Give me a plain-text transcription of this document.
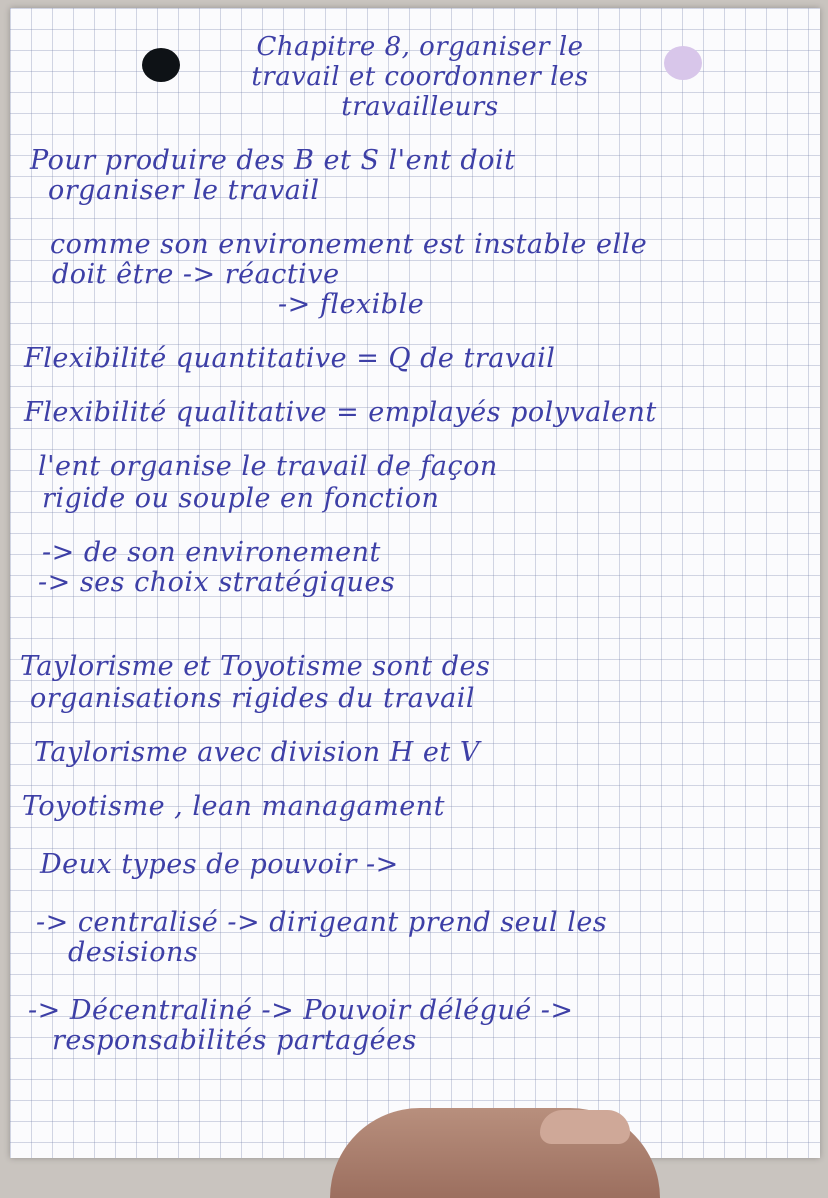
Chapitre 8, organiser le

travail et coordonner les

travailleurs

Pour produire des B et S l'ent doit

organiser le travail

comme son environement est instable elle

doit être -> réactive

-> flexible

Flexibilité quantitative = Q de travail

Flexibilité qualitative = emplayés polyvalent

l'ent organise le travail de façon

rigide ou souple en fonction

-> de son environement

-> ses choix stratégiques

Taylorisme et Toyotisme sont des

organisations rigides du travail

Taylorisme avec division H et V

Toyotisme , lean managament

Deux types de pouvoir ->

-> centralisé -> dirigeant prend seul les

desisions

-> Décentraliné -> Pouvoir délégué ->

responsabilités partagées
